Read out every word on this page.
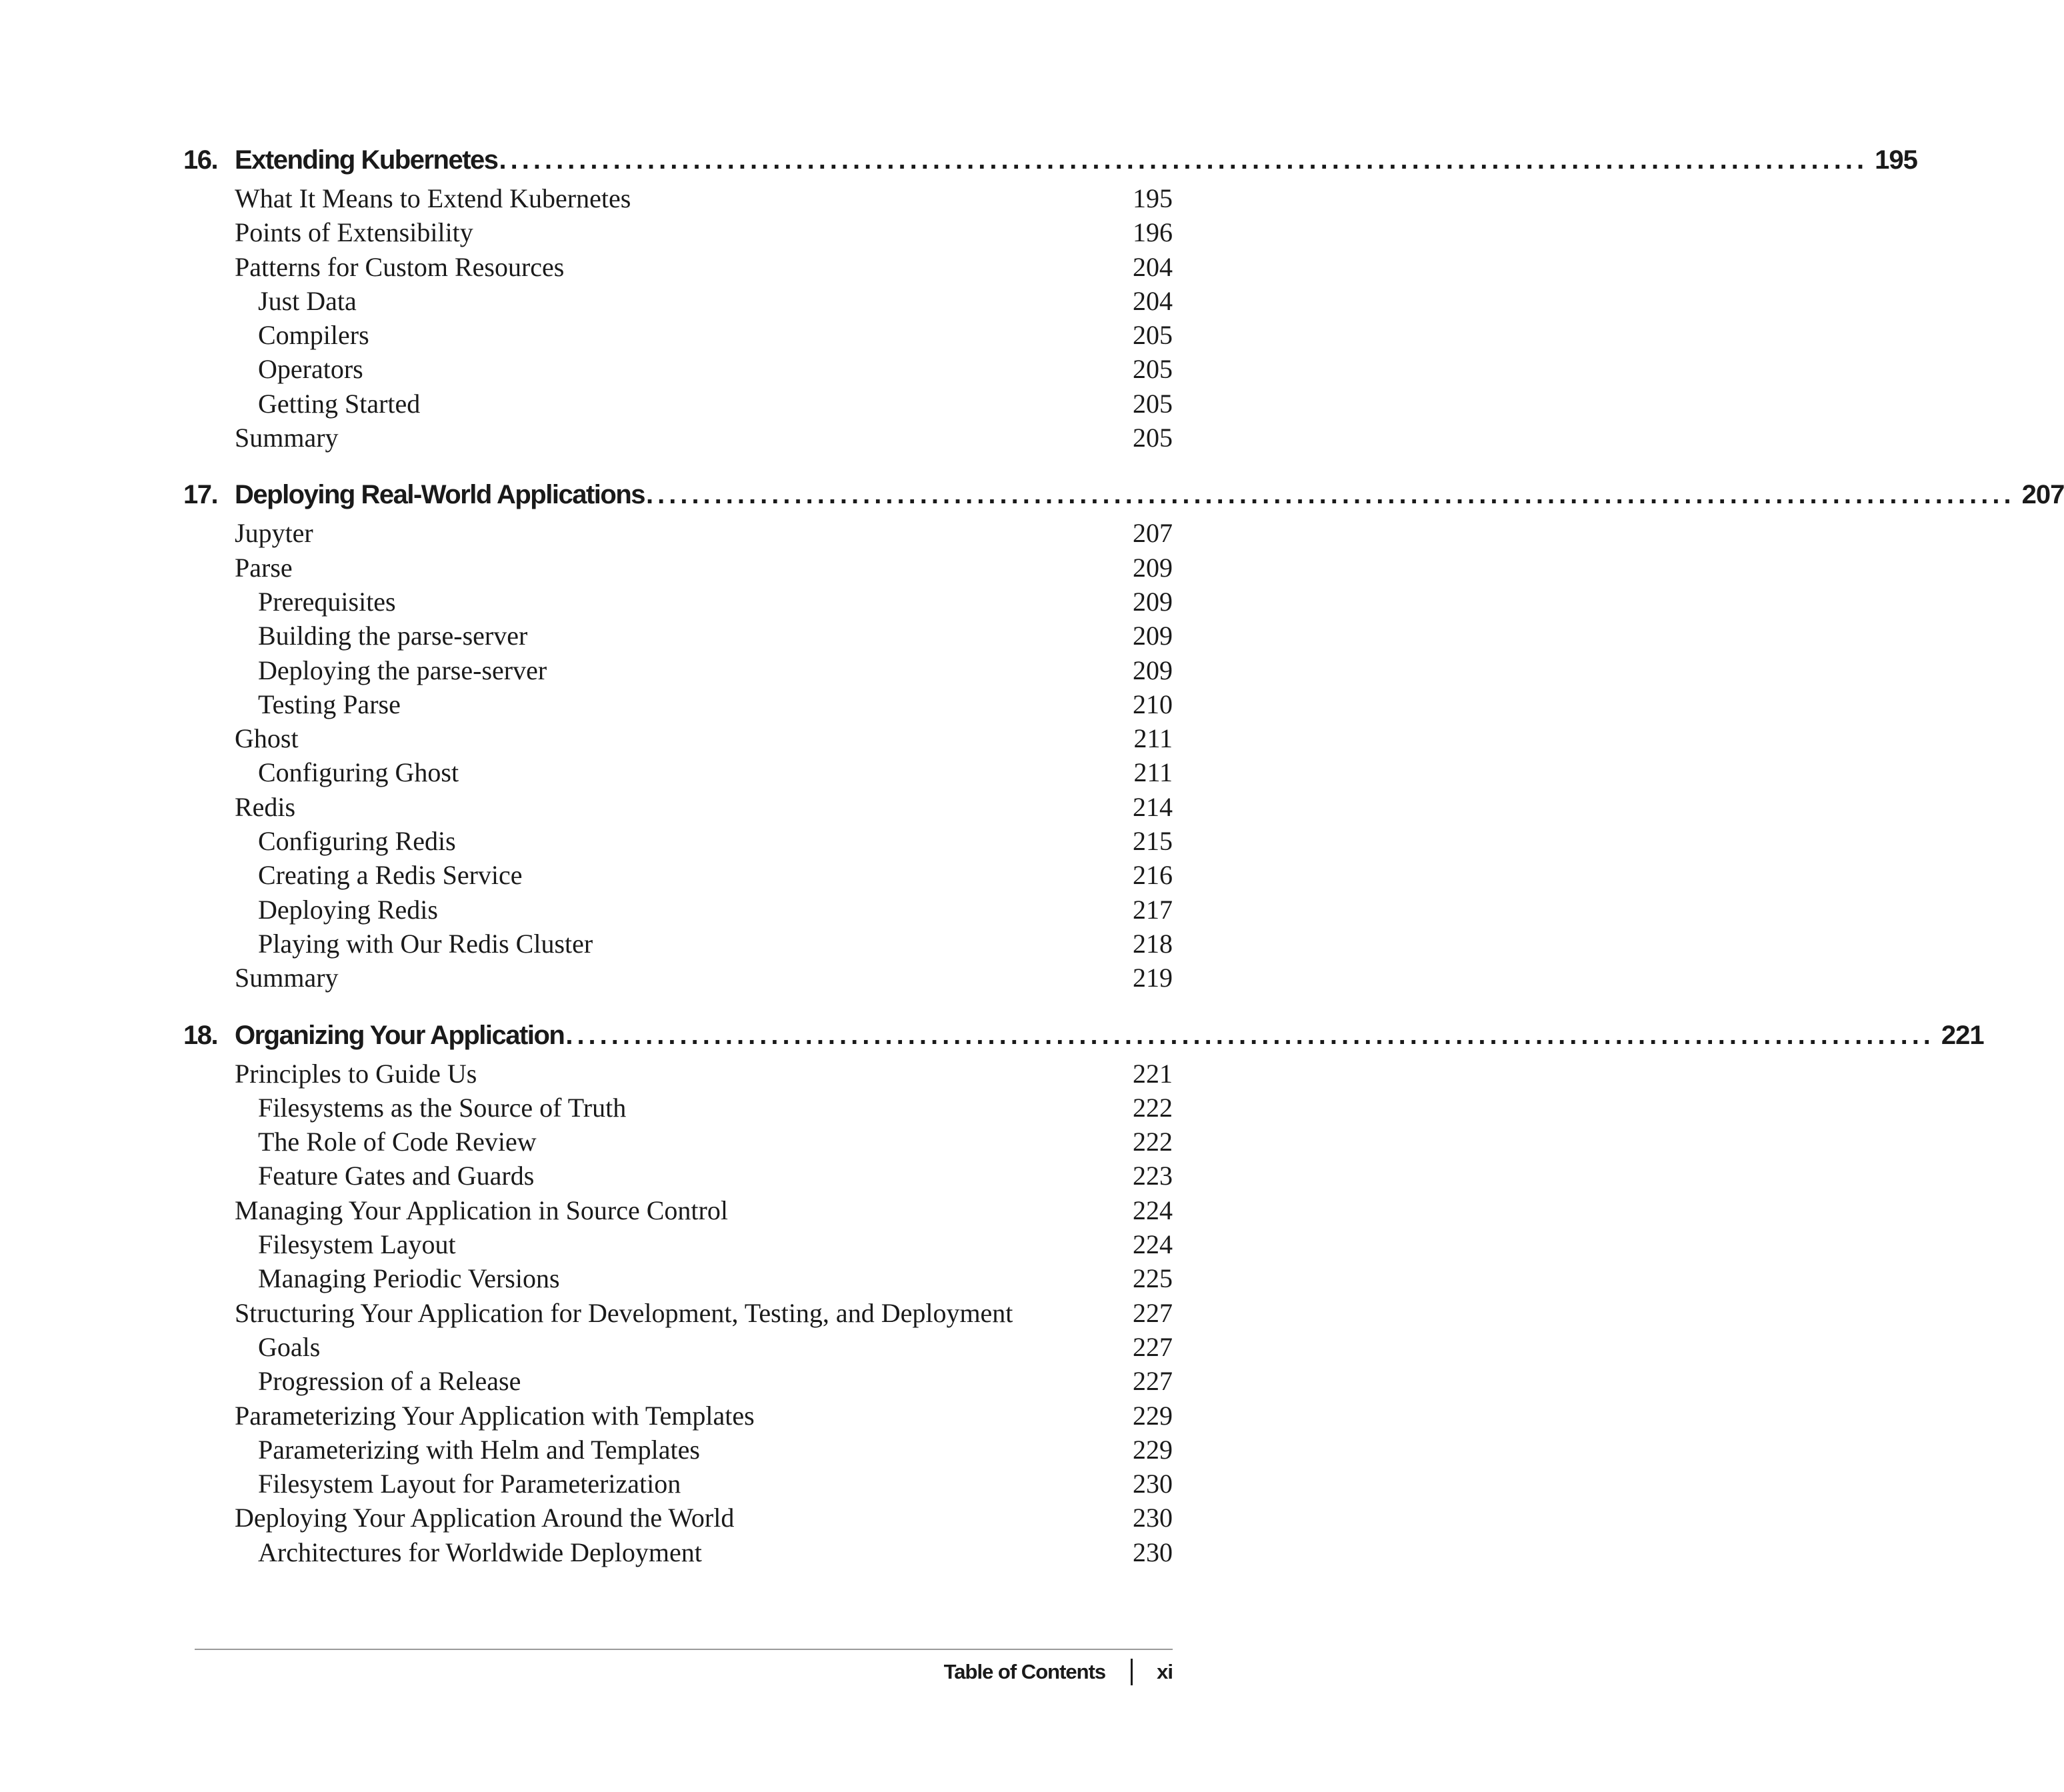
16. Extending Kubernetes ........................................................................................................................ 195
What It Means to Extend Kubernetes	195
Points of Extensibility	196
Patterns for Custom Resources	204
Just Data	204
Compilers	205
Operators	205
Getting Started	205
Summary	205
17. Deploying Real-World Applications ........................................................................................................................ 207
Jupyter	207
Parse	209
Prerequisites	209
Building the parse-server	209
Deploying the parse-server	209
Testing Parse	210
Ghost	211
Configuring Ghost	211
Redis	214
Configuring Redis	215
Creating a Redis Service	216
Deploying Redis	217
Playing with Our Redis Cluster	218
Summary	219
18. Organizing Your Application ........................................................................................................................ 221
Principles to Guide Us	221
Filesystems as the Source of Truth	222
The Role of Code Review	222
Feature Gates and Guards	223
Managing Your Application in Source Control	224
Filesystem Layout	224
Managing Periodic Versions	225
Structuring Your Application for Development, Testing, and Deployment	227
Goals	227
Progression of a Release	227
Parameterizing Your Application with Templates	229
Parameterizing with Helm and Templates	229
Filesystem Layout for Parameterization	230
Deploying Your Application Around the World	230
Architectures for Worldwide Deployment	230
Table of Contents xi
